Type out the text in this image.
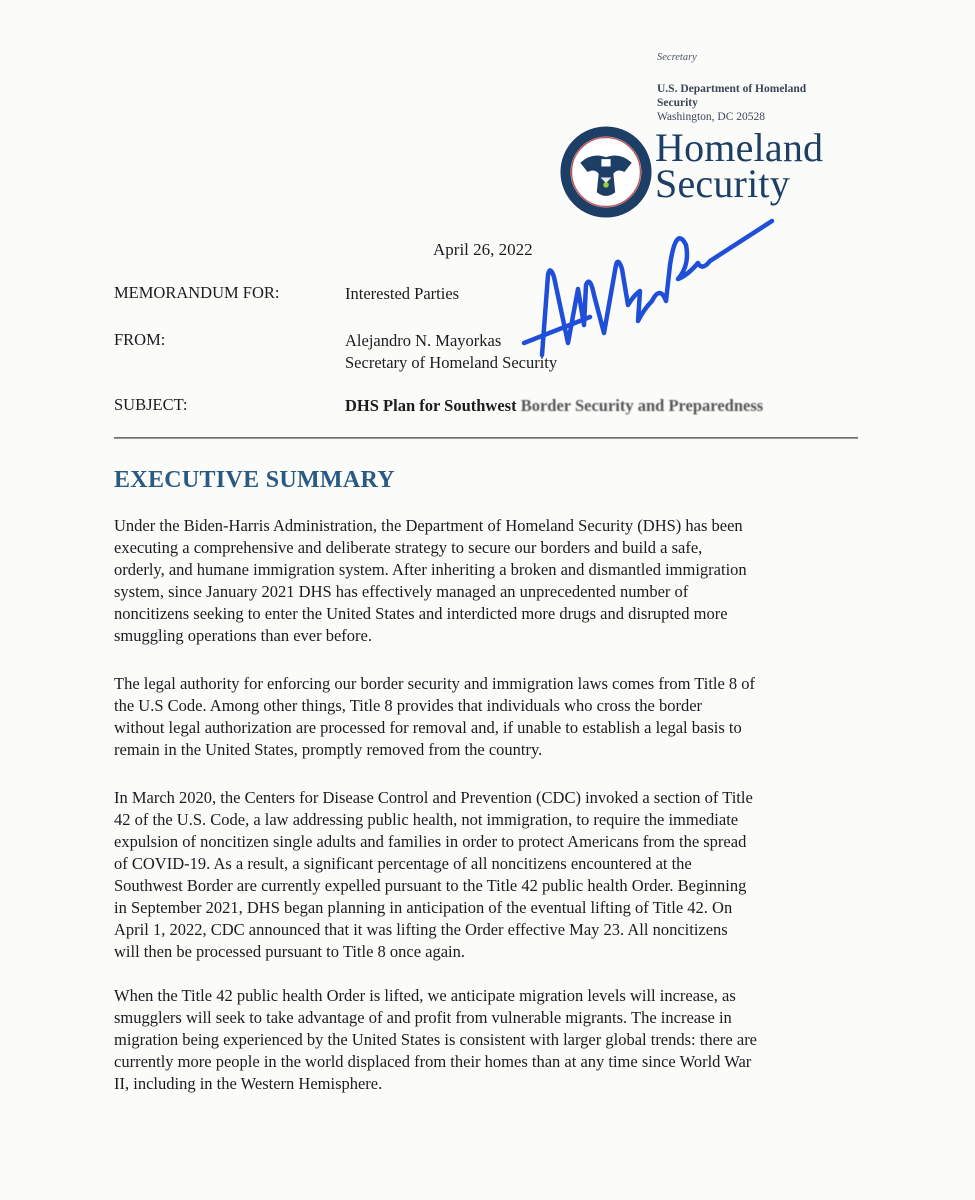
Secretary
U.S. Department of Homeland
Security
Washington, DC 20528
Homeland
Security
April 26, 2022
MEMORANDUM FOR:	Interested Parties
FROM:	Alejandro N. Mayorkas
Secretary of Homeland Security
SUBJECT:	DHS Plan for Southwest Border Security and Preparedness
EXECUTIVE SUMMARY

Under the Biden-Harris Administration, the Department of Homeland Security (DHS) has been
executing a comprehensive and deliberate strategy to secure our borders and build a safe,
orderly, and humane immigration system. After inheriting a broken and dismantled immigration
system, since January 2021 DHS has effectively managed an unprecedented number of
noncitizens seeking to enter the United States and interdicted more drugs and disrupted more
smuggling operations than ever before.

The legal authority for enforcing our border security and immigration laws comes from Title 8 of
the U.S Code. Among other things, Title 8 provides that individuals who cross the border
without legal authorization are processed for removal and, if unable to establish a legal basis to
remain in the United States, promptly removed from the country.

In March 2020, the Centers for Disease Control and Prevention (CDC) invoked a section of Title
42 of the U.S. Code, a law addressing public health, not immigration, to require the immediate
expulsion of noncitizen single adults and families in order to protect Americans from the spread
of COVID-19. As a result, a significant percentage of all noncitizens encountered at the
Southwest Border are currently expelled pursuant to the Title 42 public health Order. Beginning
in September 2021, DHS began planning in anticipation of the eventual lifting of Title 42. On
April 1, 2022, CDC announced that it was lifting the Order effective May 23. All noncitizens
will then be processed pursuant to Title 8 once again.

When the Title 42 public health Order is lifted, we anticipate migration levels will increase, as
smugglers will seek to take advantage of and profit from vulnerable migrants. The increase in
migration being experienced by the United States is consistent with larger global trends: there are
currently more people in the world displaced from their homes than at any time since World War
II, including in the Western Hemisphere.
